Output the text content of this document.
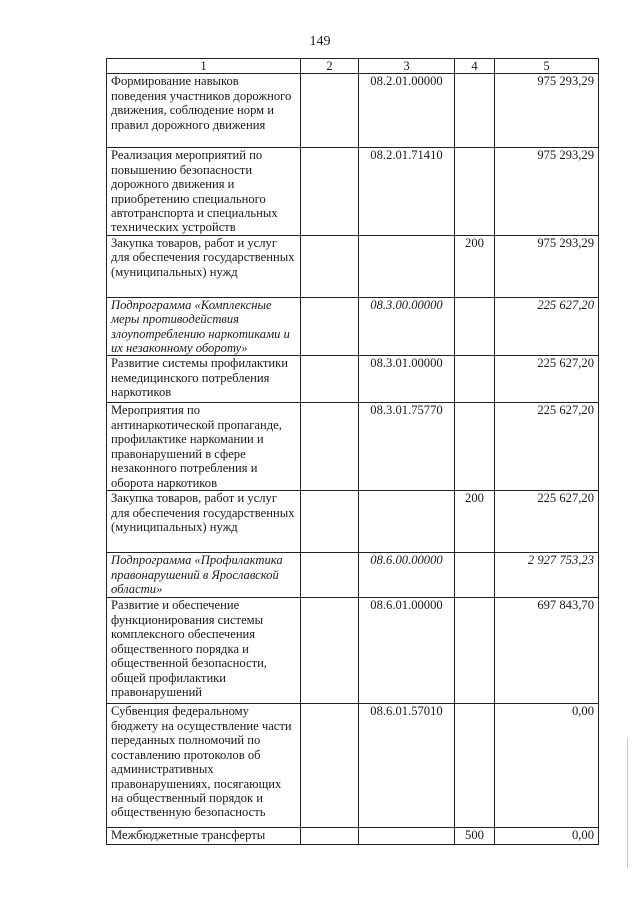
149
1	2	3	4	5
Формирование навыков поведения участников дорожного движения, соблюдение норм и правил дорожного движения		08.2.01.00000		975 293,29
Реализация мероприятий по повышению безопасности дорожного движения и приобретению специального автотранспорта и специальных технических устройств		08.2.01.71410		975 293,29
Закупка товаров, работ и услуг для обеспечения государственных (муниципальных) нужд			200	975 293,29
Подпрограмма «Комплексные меры противодействия злоупотреблению наркотиками и их незаконному обороту»		08.3.00.00000		225 627,20
Развитие системы профилактики немедицинского потребления наркотиков		08.3.01.00000		225 627,20
Мероприятия по антинаркотической пропаганде, профилактике наркомании и правонарушений в сфере незаконного потребления и оборота наркотиков		08.3.01.75770		225 627,20
Закупка товаров, работ и услуг для обеспечения государственных (муниципальных) нужд			200	225 627,20
Подпрограмма «Профилактика правонарушений в Ярославской области»		08.6.00.00000		2 927 753,23
Развитие и обеспечение функционирования системы комплексного обеспечения общественного порядка и общественной безопасности, общей профилактики правонарушений		08.6.01.00000		697 843,70
Субвенция федеральному бюджету на осуществление части переданных полномочий по составлению протоколов об административных правонарушениях, посягающих на общественный порядок и общественную безопасность		08.6.01.57010		0,00
Межбюджетные трансферты			500	0,00
